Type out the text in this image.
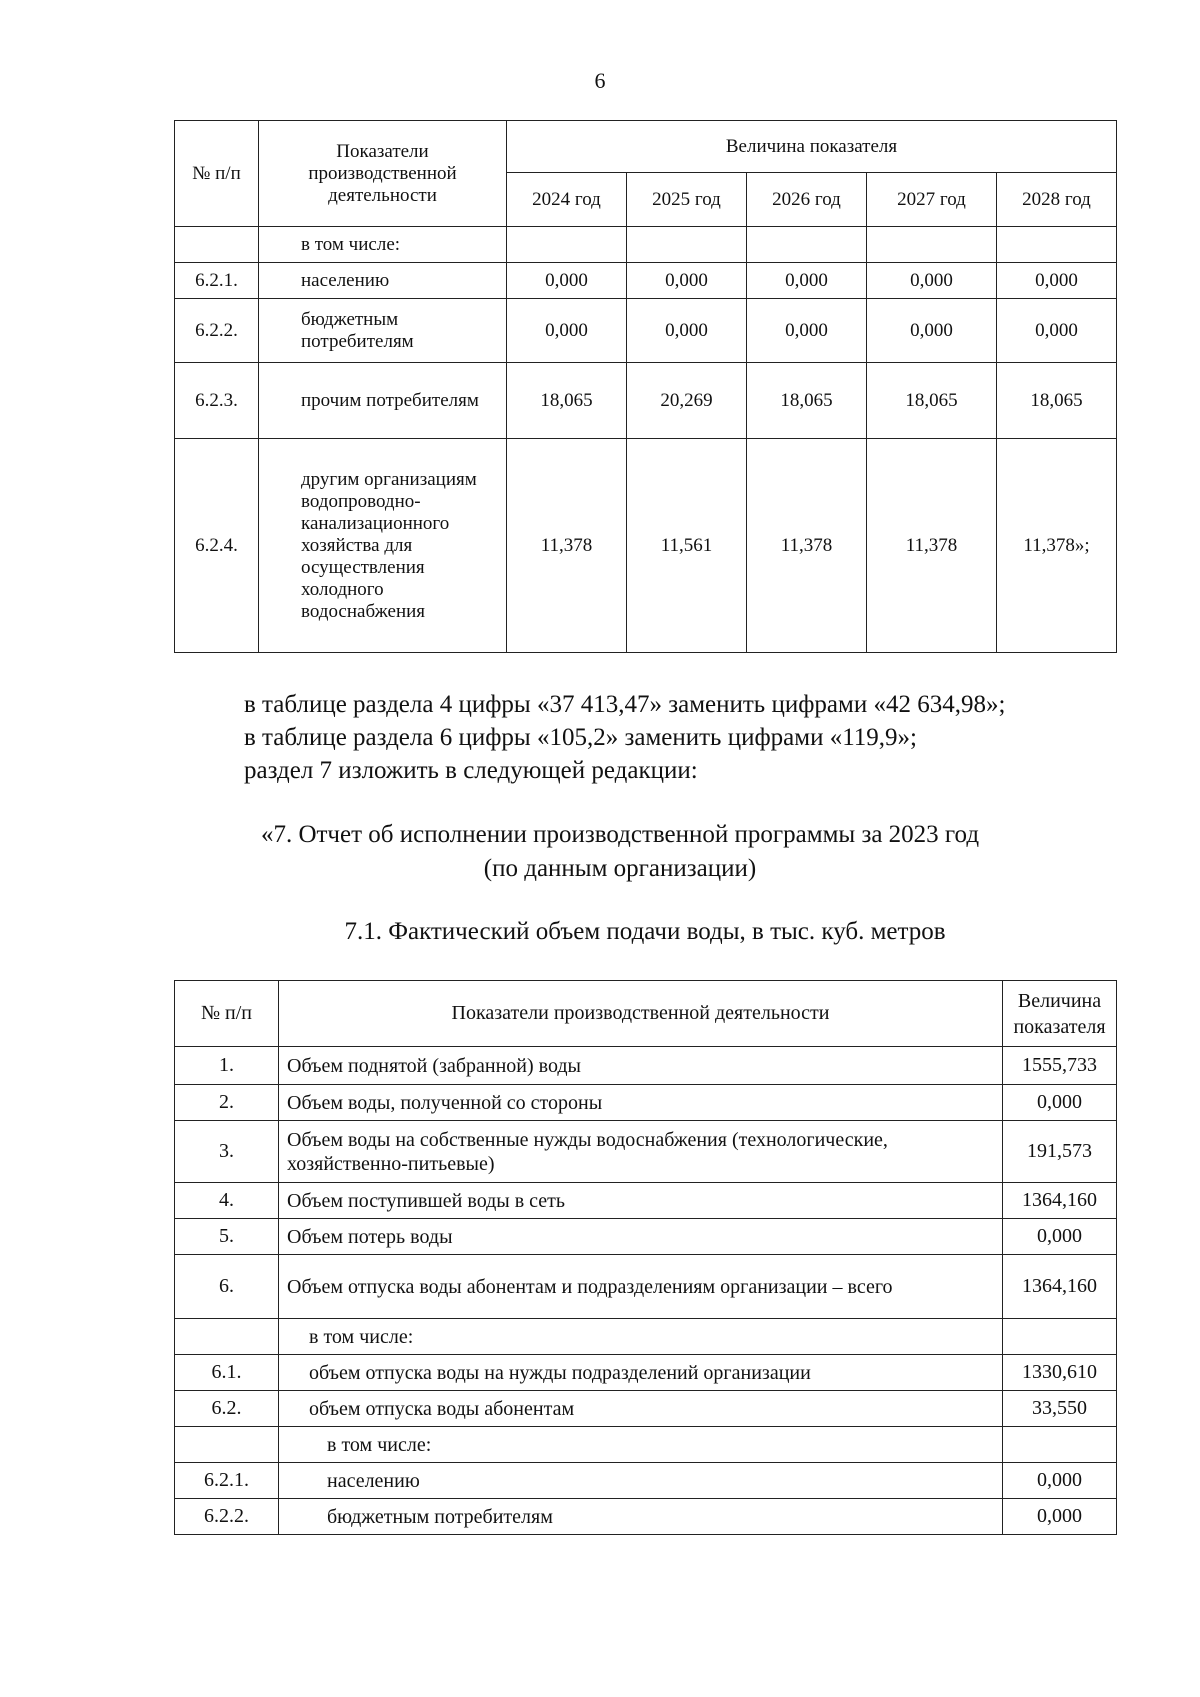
6
№ п/п	Показатели производственной деятельности	Величина показателя				
		2024 год	2025 год	2026 год	2027 год	2028 год
	в том числе:					
6.2.1.	населению	0,000	0,000	0,000	0,000	0,000
6.2.2.	бюджетным потребителям	0,000	0,000	0,000	0,000	0,000
6.2.3.	прочим потребителям	18,065	20,269	18,065	18,065	18,065
6.2.4.	другим организациям водопроводно-канализационного хозяйства для осуществления холодного водоснабжения	11,378	11,561	11,378	11,378	11,378»;
в таблице раздела 4 цифры «37 413,47» заменить цифрами «42 634,98»;
в таблице раздела 6 цифры «105,2» заменить цифрами «119,9»;
раздел 7 изложить в следующей редакции:
«7. Отчет об исполнении производственной программы за 2023 год
(по данным организации)
7.1. Фактический объем подачи воды, в тыс. куб. метров
№ п/п	Показатели производственной деятельности	Величина показателя
1.	Объем поднятой (забранной) воды	1555,733
2.	Объем воды, полученной со стороны	0,000
3.	Объем воды на собственные нужды водоснабжения (технологические, хозяйственно-питьевые)	191,573
4.	Объем поступившей воды в сеть	1364,160
5.	Объем потерь воды	0,000
6.	Объем отпуска воды абонентам и подразделениям организации – всего	1364,160
	в том числе:	
6.1.	объем отпуска воды на нужды подразделений организации	1330,610
6.2.	объем отпуска воды абонентам	33,550
	в том числе:	
6.2.1.	населению	0,000
6.2.2.	бюджетным потребителям	0,000
